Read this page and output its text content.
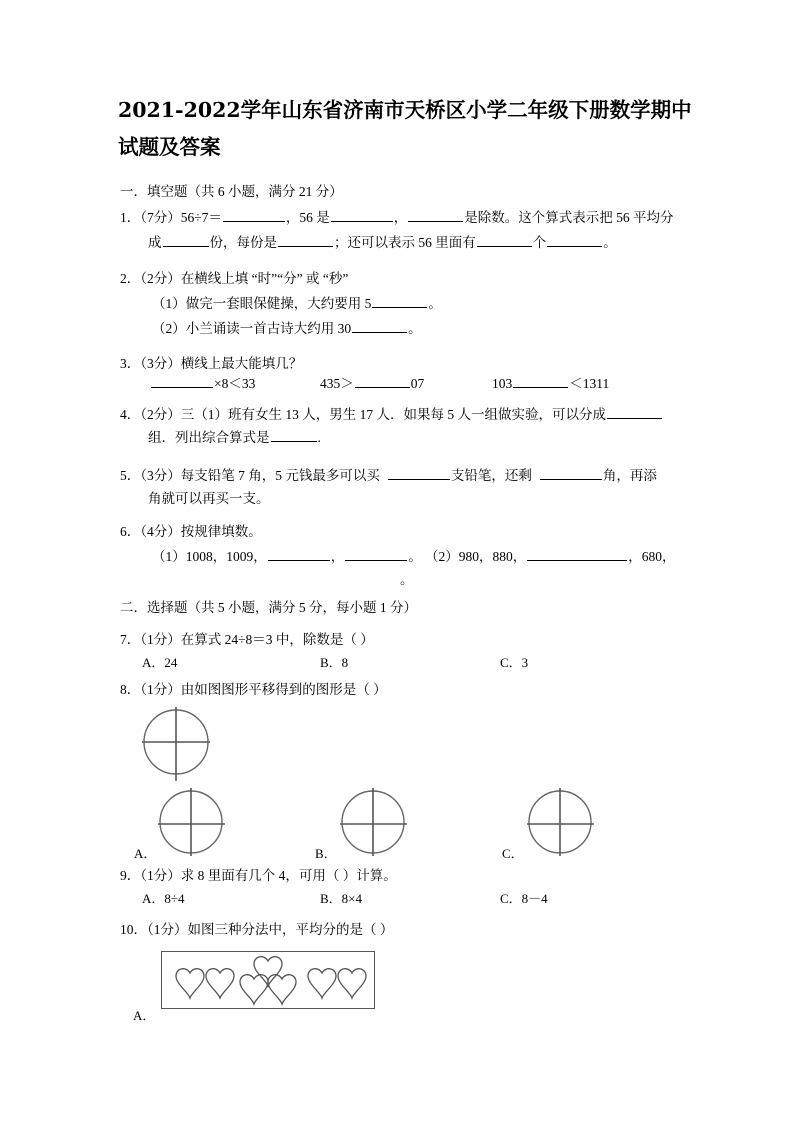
2021-2022学年山东省济南市天桥区小学二年级下册数学期中试题及答案
一．填空题（共 6 小题，满分 21 分）
1．（7分）56÷7＝	，56 是	，	是除数。这个算式表示把 56 平均分
成	份，每份是	；还可以表示 56 里面有	个	。
2．（2分）在横线上填 “时”“分” 或 “秒”
（1）做完一套眼保健操，大约要用 5	。
（2）小兰诵读一首古诗大约用 30	。
3．（3分）横线上最大能填几？
×8＜33	435＞	07	103	＜1311
4．（2分）三（1）班有女生 13 人，男生 17 人．如果每 5 人一组做实验，可以分成
组．列出综合算式是	.
5．（3分）每支铅笔 7 角，5 元钱最多可以买	支铅笔，还剩	角，再添
角就可以再买一支。
6．（4分）按规律填数。
（1）1008，1009，	，	。 （2）980，880，	，680，
。
二．选择题（共 5 小题，满分 5 分，每小题 1 分）
7．（1分）在算式 24÷8＝3 中，除数是（ ）
A．24	B．8	C．3
8．（1分）由如图图形平移得到的图形是（ ）
A．	B．	C．
9．（1分）求 8 里面有几个 4，可用（ ）计算。
A．8÷4	B．8×4	C．8－4
10．（1分）如图三种分法中，平均分的是（ ）
A．
